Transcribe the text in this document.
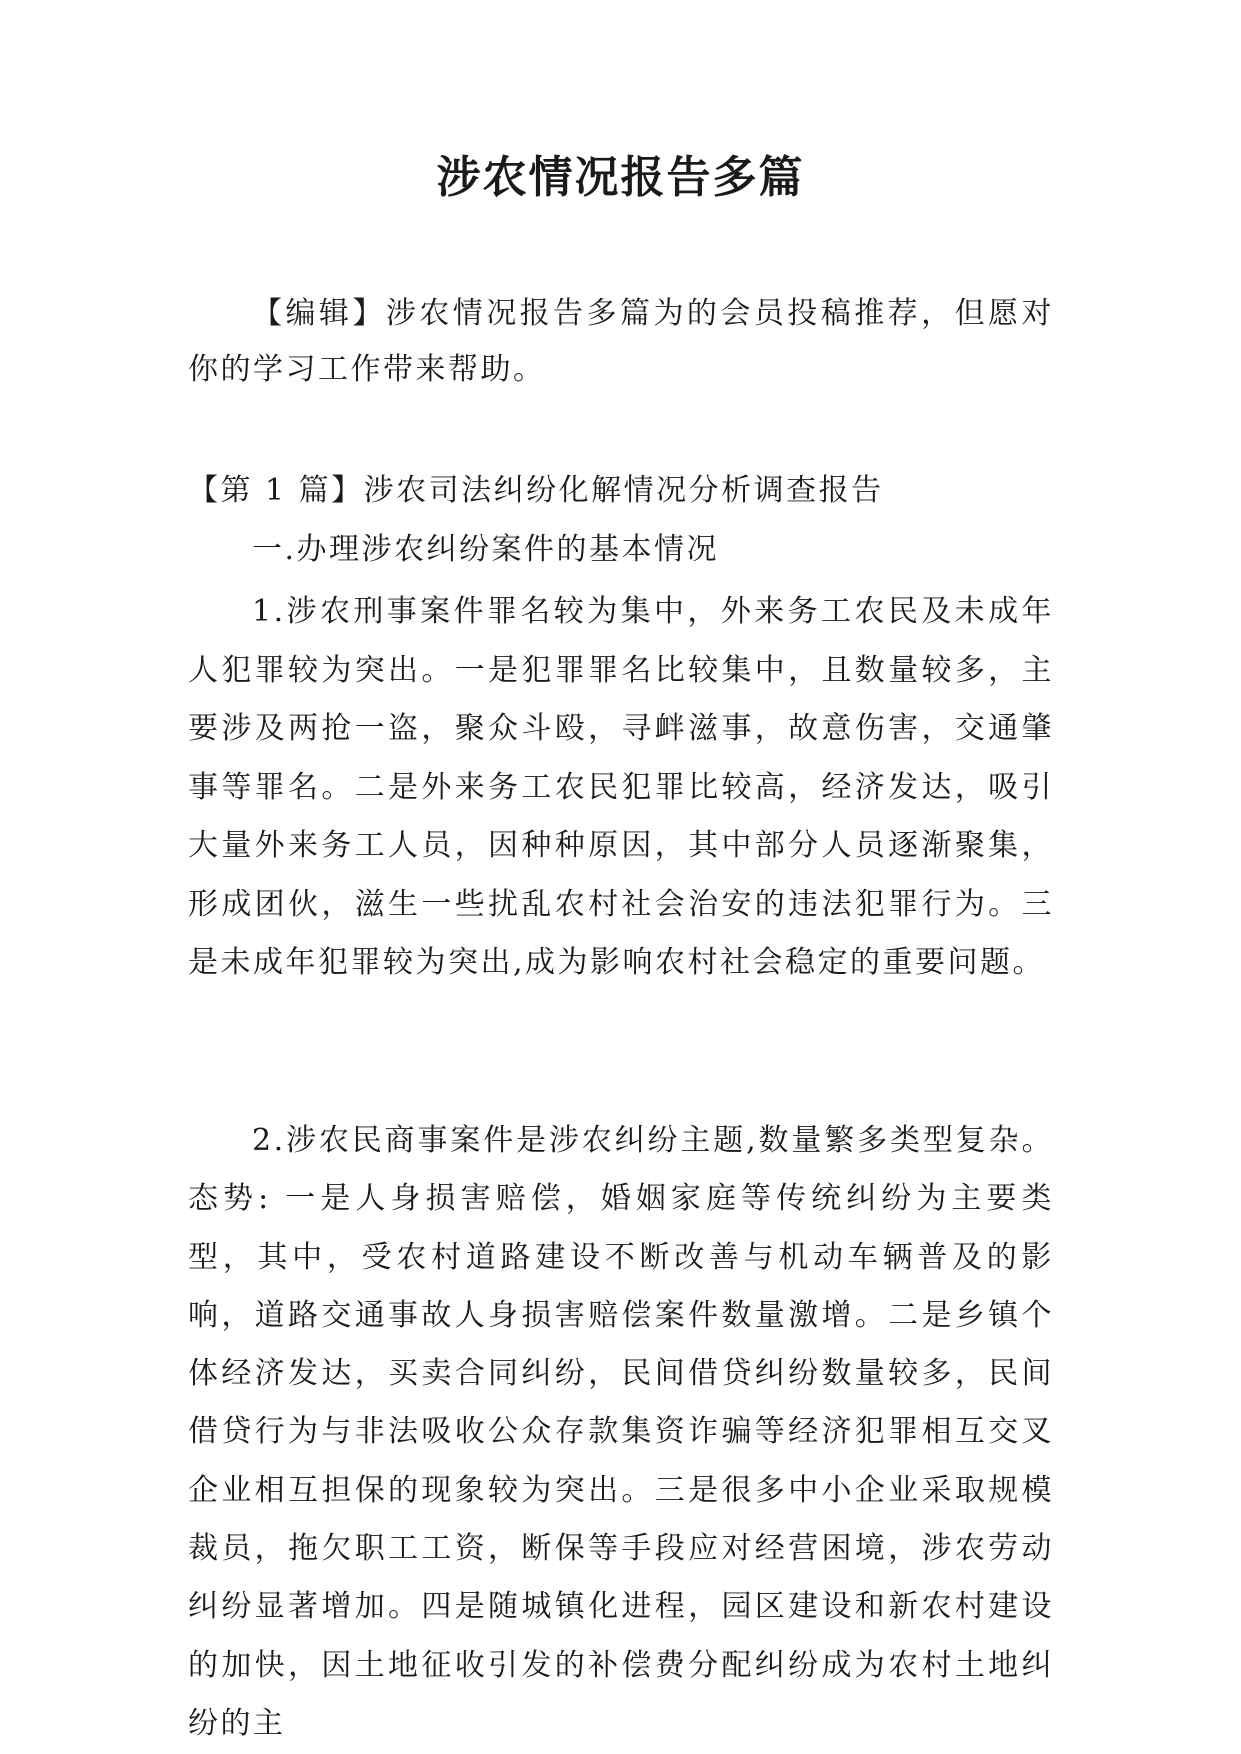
涉农情况报告多篇

【编辑】涉农情况报告多篇为的会员投稿推荐，但愿对你的学习工作带来帮助。

【第 1 篇】涉农司法纠纷化解情况分析调查报告

一.办理涉农纠纷案件的基本情况

1.涉农刑事案件罪名较为集中，外来务工农民及未成年人犯罪较为突出。一是犯罪罪名比较集中，且数量较多，主要涉及两抢一盗，聚众斗殴，寻衅滋事，故意伤害，交通肇事等罪名。二是外来务工农民犯罪比较高，经济发达，吸引大量外来务工人员，因种种原因，其中部分人员逐渐聚集，形成团伙，滋生一些扰乱农村社会治安的违法犯罪行为。三是未成年犯罪较为突出,成为影响农村社会稳定的重要问题。

2.涉农民商事案件是涉农纠纷主题,数量繁多类型复杂。态势: 一是人身损害赔偿，婚姻家庭等传统纠纷为主要类型，其中，受农村道路建设不断改善与机动车辆普及的影响，道路交通事故人身损害赔偿案件数量激增。二是乡镇个体经济发达，买卖合同纠纷，民间借贷纠纷数量较多，民间借贷行为与非法吸收公众存款集资诈骗等经济犯罪相互交叉企业相互担保的现象较为突出。三是很多中小企业采取规模裁员，拖欠职工工资，断保等手段应对经营困境，涉农劳动纠纷显著增加。四是随城镇化进程，园区建设和新农村建设的加快，因土地征收引发的补偿费分配纠纷成为农村土地纠纷的主
